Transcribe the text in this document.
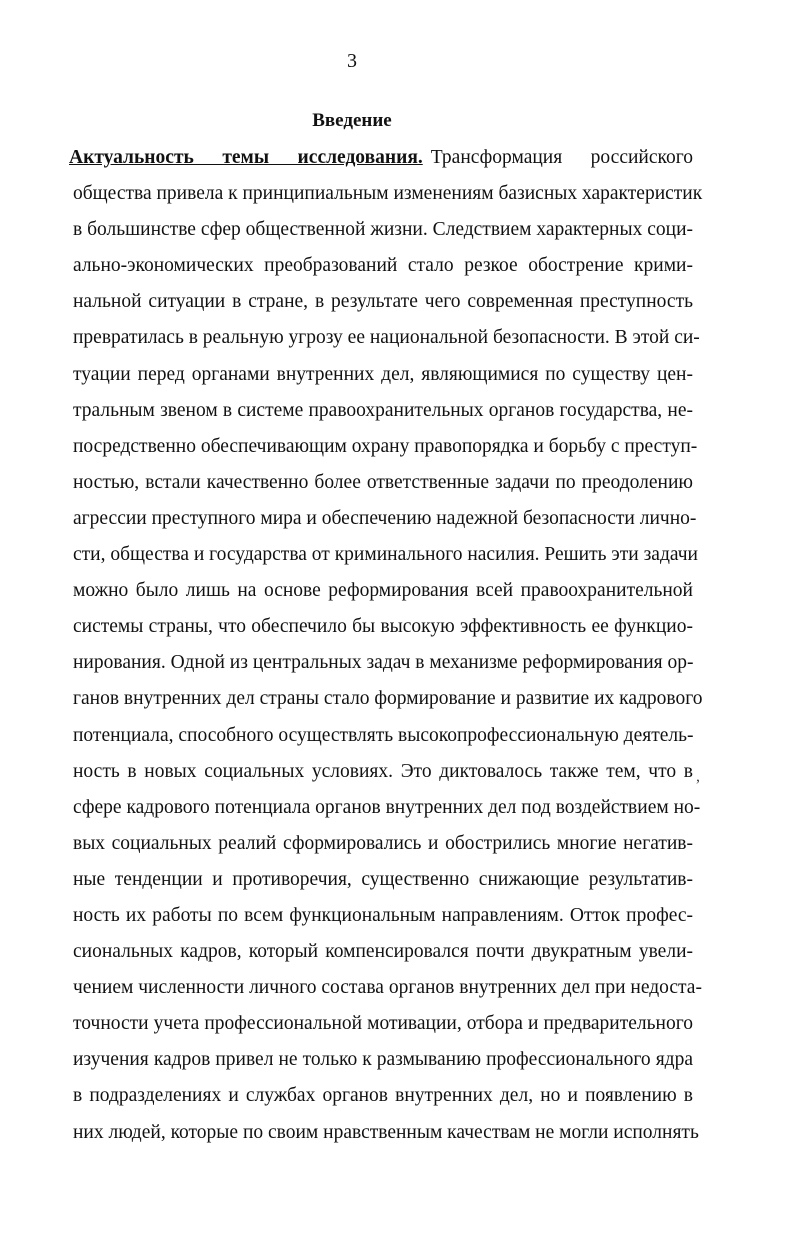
3
Введение
Актуальность темы исследования. Трансформация российского
общества привела к принципиальным изменениям базисных характеристик
в большинстве сфер общественной жизни. Следствием характерных соци-
ально-экономических преобразований стало резкое обострение крими-
нальной ситуации в стране, в результате чего современная преступность
превратилась в реальную угрозу ее национальной безопасности. В этой си-
туации перед органами внутренних дел, являющимися по существу цен-
тральным звеном в системе правоохранительных органов государства, не-
посредственно обеспечивающим охрану правопорядка и борьбу с преступ-
ностью, встали качественно более ответственные задачи по преодолению
агрессии преступного мира и обеспечению надежной безопасности личнo-
сти, общества и государства от криминального насилия. Решить эти задачи
можно было лишь на основе реформирования всей правоохранительной
системы страны, что обеспечило бы высокую эффективность ее функцио-
нирования. Одной из центральных задач в механизме реформирования ор-
ганов внутренних дел страны стало формирование и развитие их кадрового
потенциала, способного осуществлять высокопрофессиональную деятель-
ность в новых социальных условиях. Это диктовалось также тем, что в
сфере кадрового потенциала органов внутренних дел под воздействием но-
вых социальных реалий сформировались и обострились многие негатив-
ные тенденции и противоречия, существенно снижающие результатив-
ность их работы по всем функциональным направлениям. Отток профес-
сиональных кадров, который компенсировался почти двукратным увели-
чением численности личного состава органов внутренних дел при недоста-
точности учета профессиональной мотивации, отбора и предварительного
изучения кадров привел не только к размыванию профессионального ядра
в подразделениях и службах органов внутренних дел, но и появлению в
них людей, которые по своим нравственным качествам не могли исполнять
,
